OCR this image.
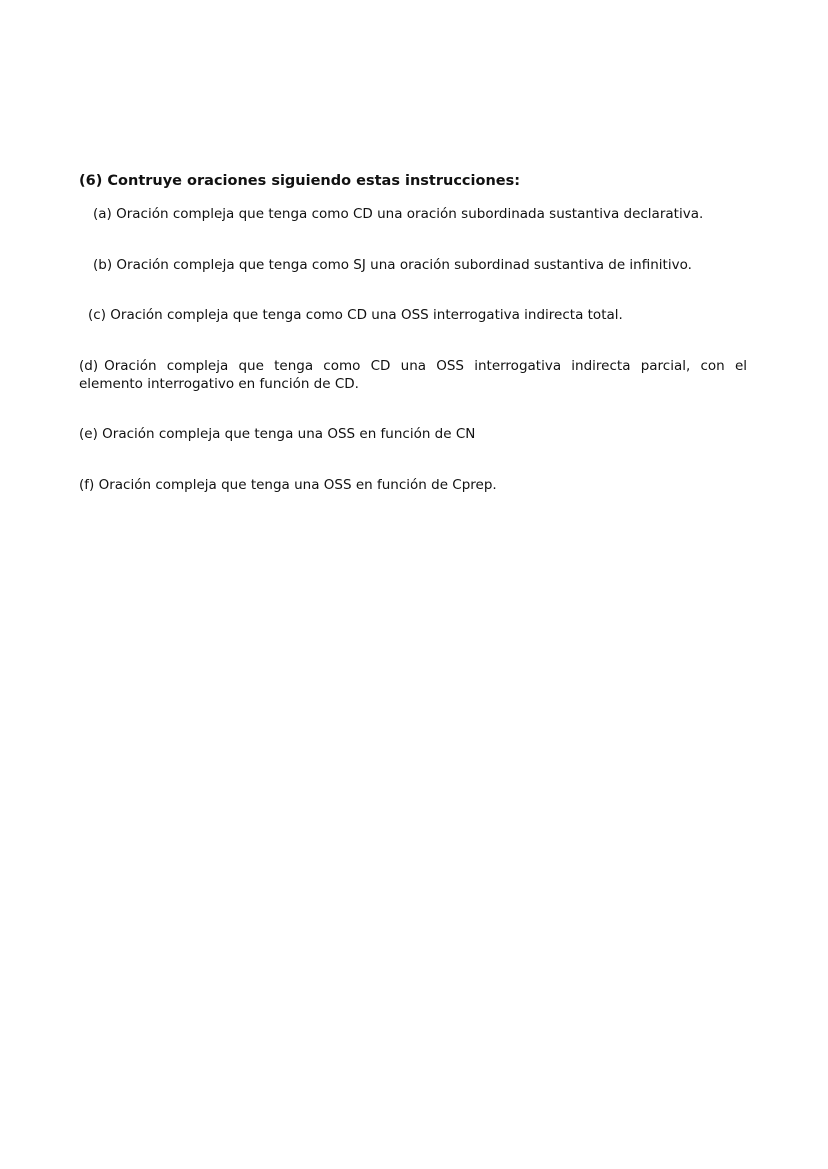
(6) Contruye oraciones siguiendo estas instrucciones:
(a) Oración compleja que tenga como CD una oración subordinada sustantiva declarativa.
(b) Oración compleja que tenga como SJ una oración subordinad sustantiva de infinitivo.
(c) Oración compleja que tenga como CD una OSS interrogativa indirecta total.
(d) Oración compleja que tenga como CD una OSS interrogativa indirecta parcial, con el
elemento interrogativo en función de CD.
(e) Oración compleja que tenga una OSS en función de CN
(f) Oración compleja que tenga una OSS en función de Cprep.
